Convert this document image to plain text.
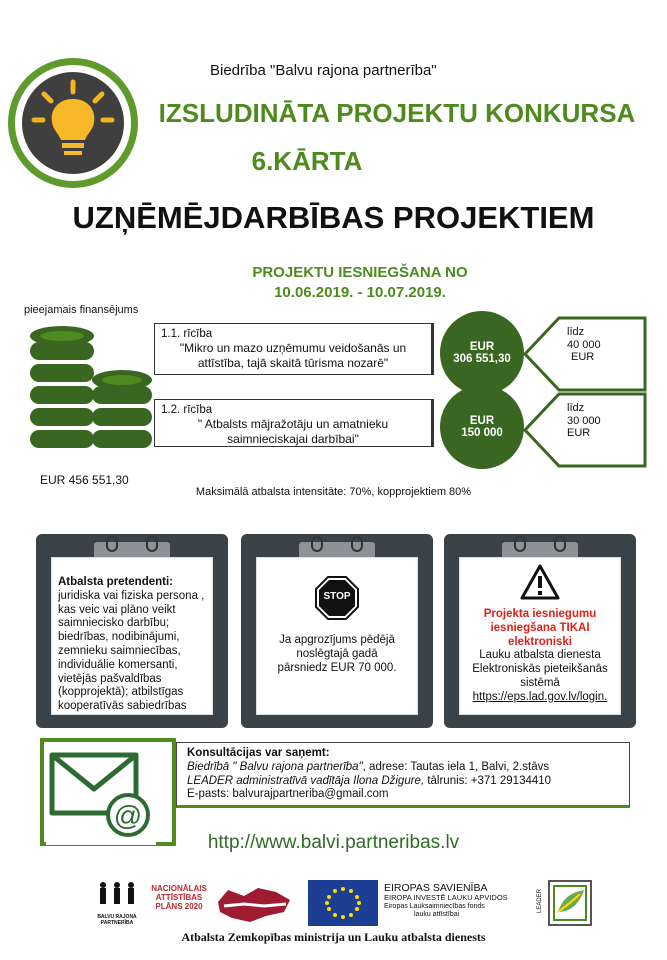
Biedrība "Balvu rajona partnerība"
IZSLUDINĀTA PROJEKTU KONKURSA
6.KĀRTA
UZŅĒMĒJDARBĪBAS PROJEKTIEM
PROJEKTU IESNIEGŠANA NO
10.06.2019. - 10.07.2019.
pieejamais finansējums
EUR 456 551,30
1.1. rīcība
"Mikro un mazo uzņēmumu veidošanās un attīstība, tajā skaitā tūrisma nozarē"
EUR
306 551,30
līdz
40 000
EUR
1.2. rīcība
" Atbalsts mājražotāju un amatnieku saimnieciskajai darbībai"
EUR
150 000
līdz
30 000
EUR
Maksimālā atbalsta intensitāte: 70%, kopprojektiem 80%
Atbalsta pretendenti:
juridiska vai fiziska persona , kas veic vai plāno veikt saimniecisko darbību; biedrības, nodibinājumi, zemnieku saimniecības, individuālie komersanti, vietējās pašvaldības (kopprojektā); atbilstīgas kooperatīvās sabiedrības
STOP
Ja apgrozījums pēdējā noslēgtajā gadā pārsniedz EUR 70 000.
Projekta iesniegumu iesniegšana TIKAI elektroniski
Lauku atbalsta dienesta Elektroniskās pieteikšanās sistēmā
https://eps.lad.gov.lv/login.
@
Konsultācijas var saņemt:
Biedrībā " Balvu rajona partnerība", adrese: Tautas iela 1, Balvi, 2.stāvs
LEADER administratīvā vadītāja Ilona Džigure, tālrunis: +371 29134410
E-pasts: balvurajpartneriba@gmail.com
http://www.balvi.partneribas.lv
BALVU RAJONA PARTNERĪBA
NACIONĀLAIS
ATTĪSTĪBAS
PLĀNS 2020
EIROPAS SAVIENĪBA
EIROPA INVESTĒ LAUKU APVIDOS
Eiropas Lauksaimniecības fonds
lauku attīstībai
LEADER
Atbalsta Zemkopības ministrija un Lauku atbalsta dienests
